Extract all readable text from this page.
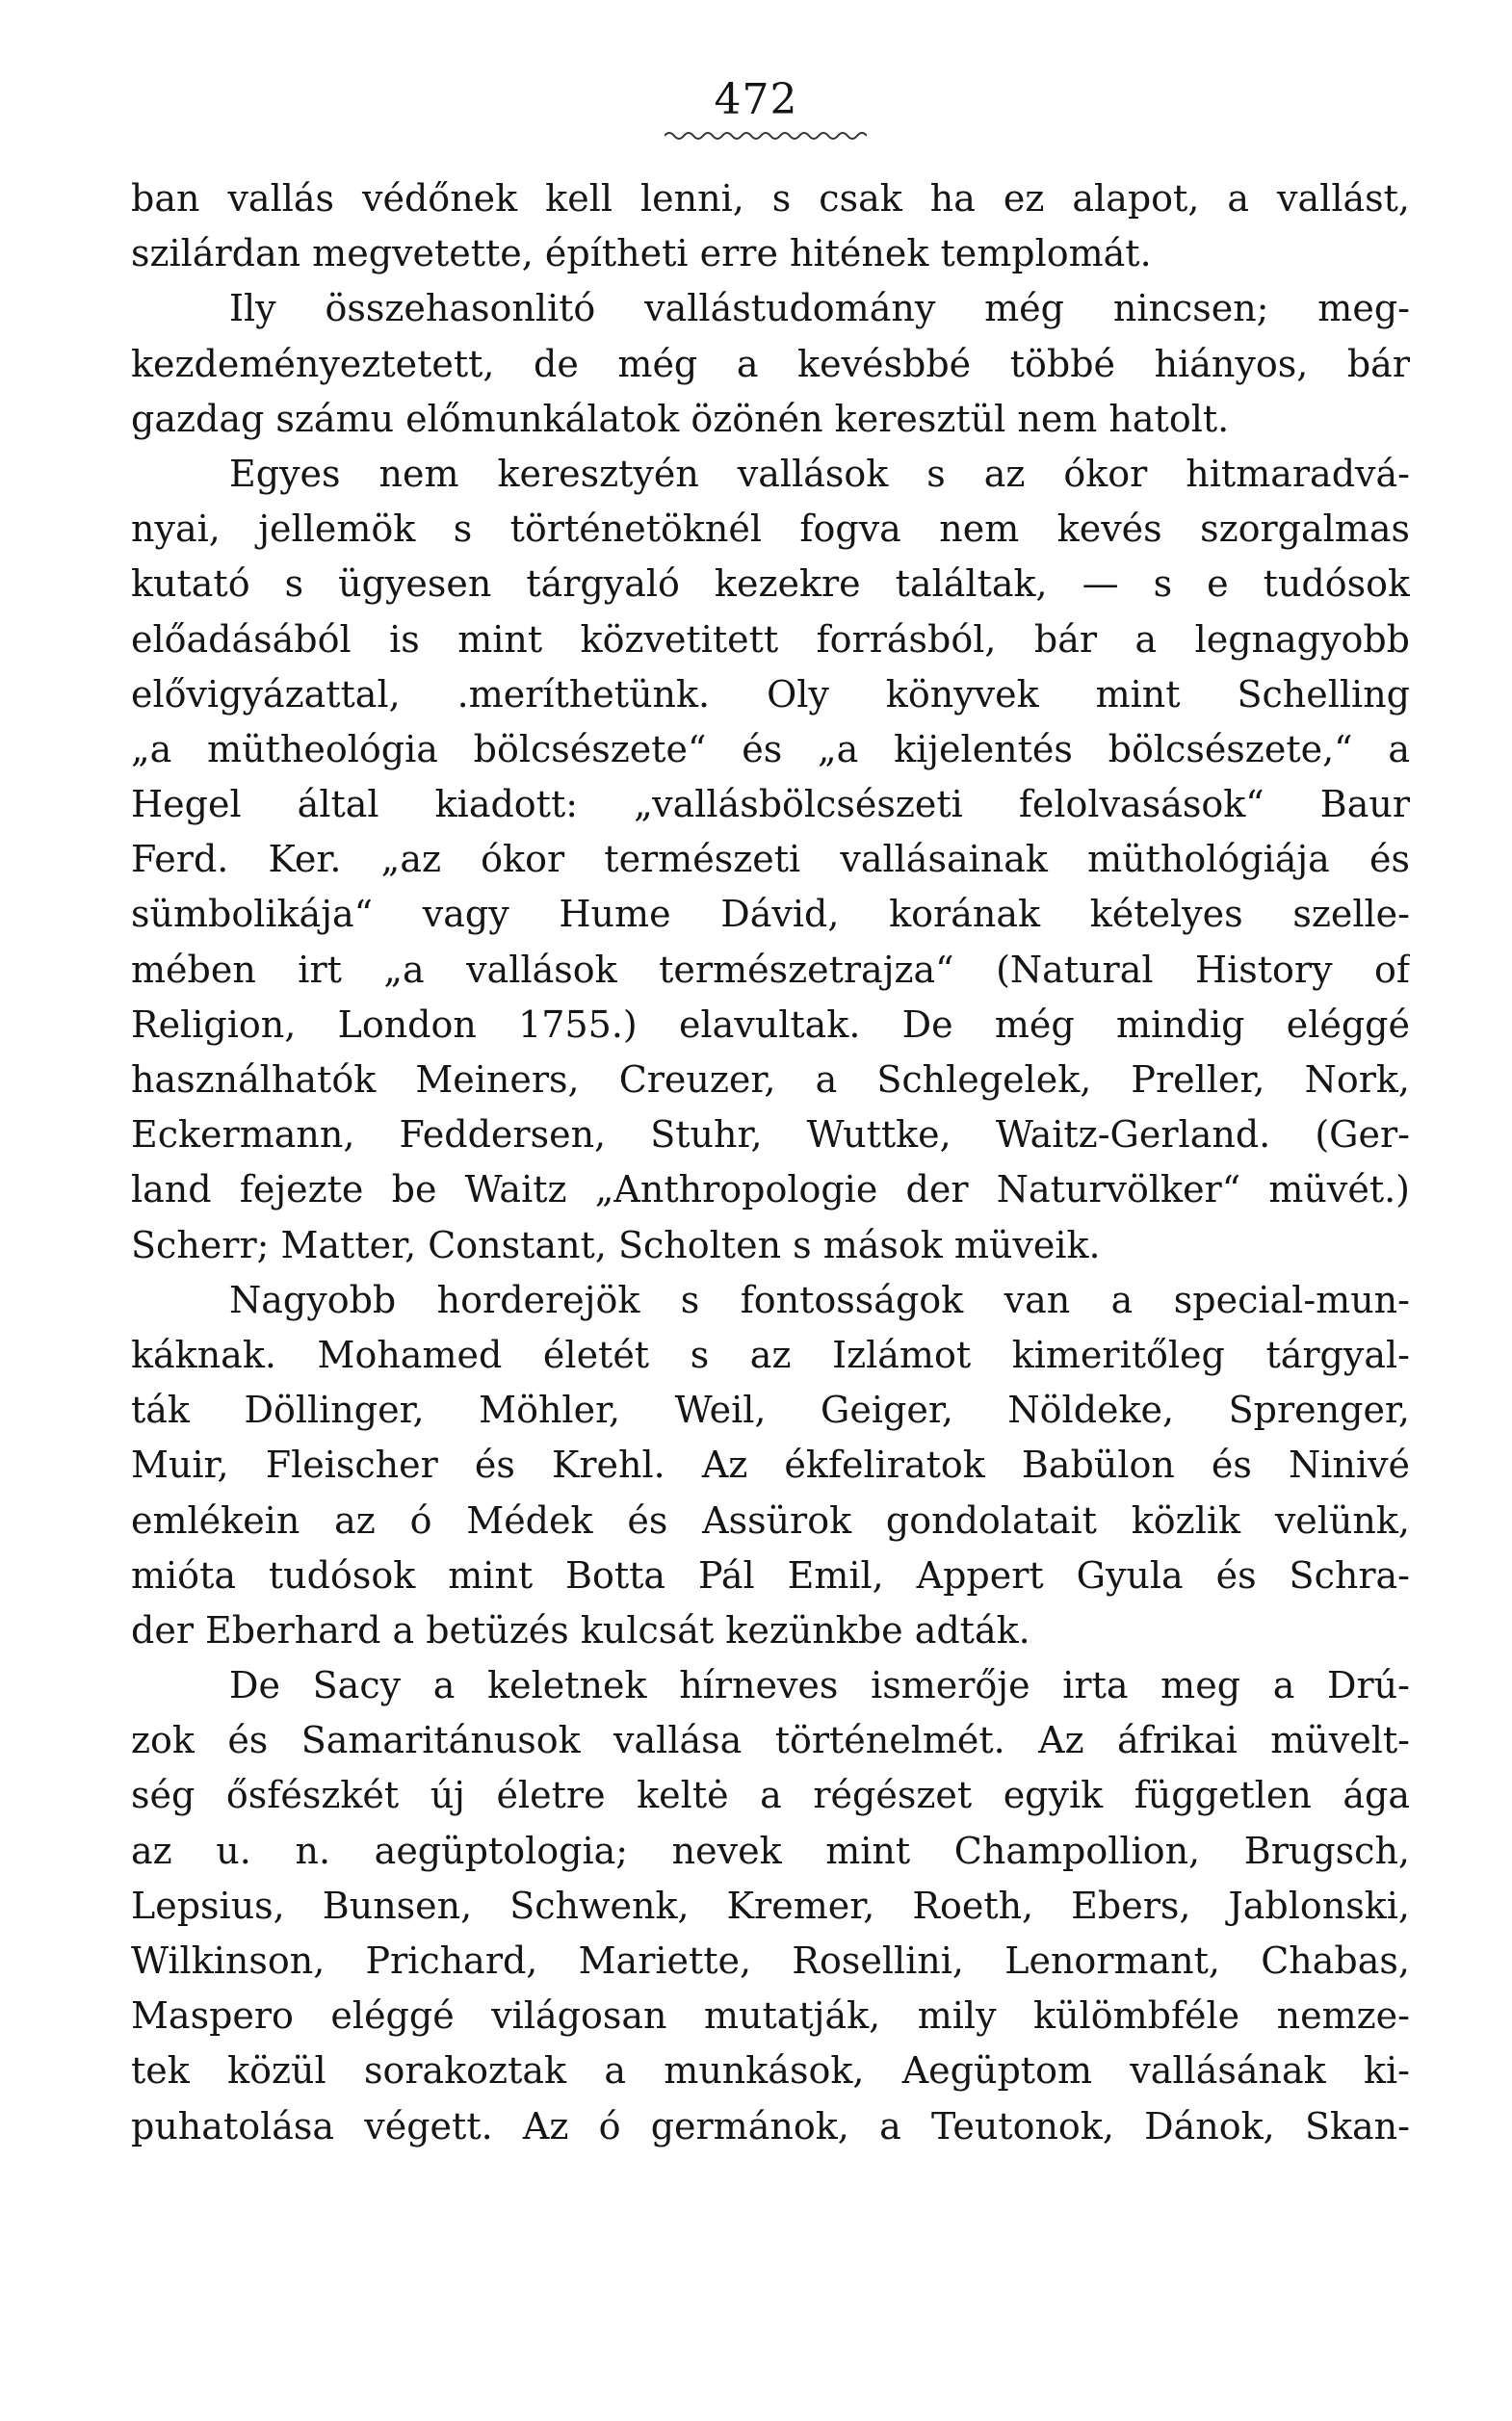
472
ban vallás védőnek kell lenni, s csak ha ez alapot, a vallást,
szilárdan megvetette, építheti erre hitének templomát.
Ily összehasonlitó vallástudomány még nincsen; meg-
kezdeményeztetett, de még a kevésbbé többé hiányos, bár
gazdag számu előmunkálatok özönén keresztül nem hatolt.
Egyes nem keresztyén vallások s az ókor hitmaradvá-
nyai, jellemök s történetöknél fogva nem kevés szorgalmas
kutató s ügyesen tárgyaló kezekre találtak, — s e tudósok
előadásából is mint közvetitett forrásból, bár a legnagyobb
elővigyázattal, .meríthetünk. Oly könyvek mint Schelling
„a mütheológia bölcsészete“ és „a kijelentés bölcsészete,“ a
Hegel által kiadott: „vallásbölcsészeti felolvasások“ Baur
Ferd. Ker. „az ókor természeti vallásainak müthológiája és
sümbolikája“ vagy Hume Dávid, korának kételyes szelle-
mében irt „a vallások természetrajza“ (Natural History of
Religion, London 1755.) elavultak. De még mindig eléggé
használhatók Meiners, Creuzer, a Schlegelek, Preller, Nork,
Eckermann, Feddersen, Stuhr, Wuttke, Waitz-Gerland. (Ger-
land fejezte be Waitz „Anthropologie der Naturvölker“ müvét.)
Scherr; Matter, Constant, Scholten s mások müveik.
Nagyobb horderejök s fontosságok van a special-mun-
káknak. Mohamed életét s az Izlámot kimeritőleg tárgyal-
ták Döllinger, Möhler, Weil, Geiger, Nöldeke, Sprenger,
Muir, Fleischer és Krehl. Az ékfeliratok Babülon és Ninivé
emlékein az ó Médek és Assürok gondolatait közlik velünk,
mióta tudósok mint Botta Pál Emil, Appert Gyula és Schra-
der Eberhard a betüzés kulcsát kezünkbe adták.
De Sacy a keletnek hírneves ismerője irta meg a Drú-
zok és Samaritánusok vallása történelmét. Az áfrikai müvelt-
ség ősfészkét új életre keltė a régészet egyik független ága
az u. n. aegüptologia; nevek mint Champollion, Brugsch,
Lepsius, Bunsen, Schwenk, Kremer, Roeth, Ebers, Jablonski,
Wilkinson, Prichard, Mariette, Rosellini, Lenormant, Chabas,
Maspero eléggé világosan mutatják, mily külömbféle nemze-
tek közül sorakoztak a munkások, Aegüptom vallásának ki-
puhatolása végett. Az ó germánok, a Teutonok, Dánok, Skan-
